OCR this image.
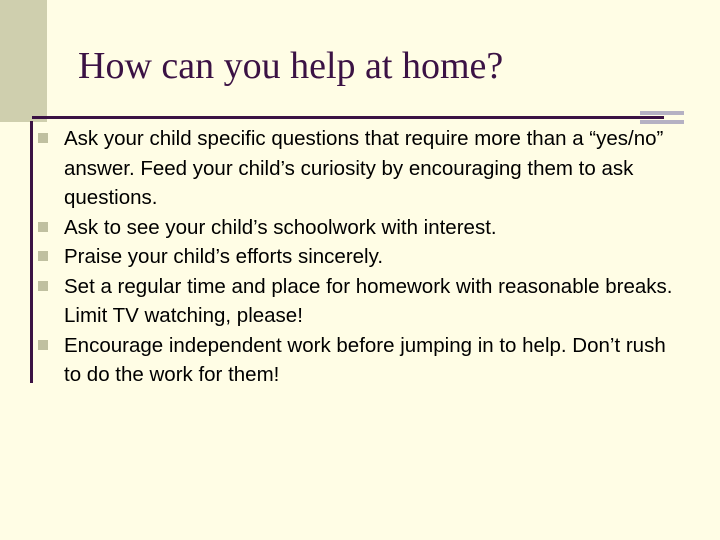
How can you help at home?
Ask your child specific questions that require more than a “yes/no” answer. Feed your child’s curiosity by encouraging them to ask questions.
Ask to see your child’s schoolwork with interest.
Praise your child’s efforts sincerely.
Set a regular time and place for homework with reasonable breaks. Limit TV watching, please!
Encourage independent work before jumping in to help. Don’t rush to do the work for them!
